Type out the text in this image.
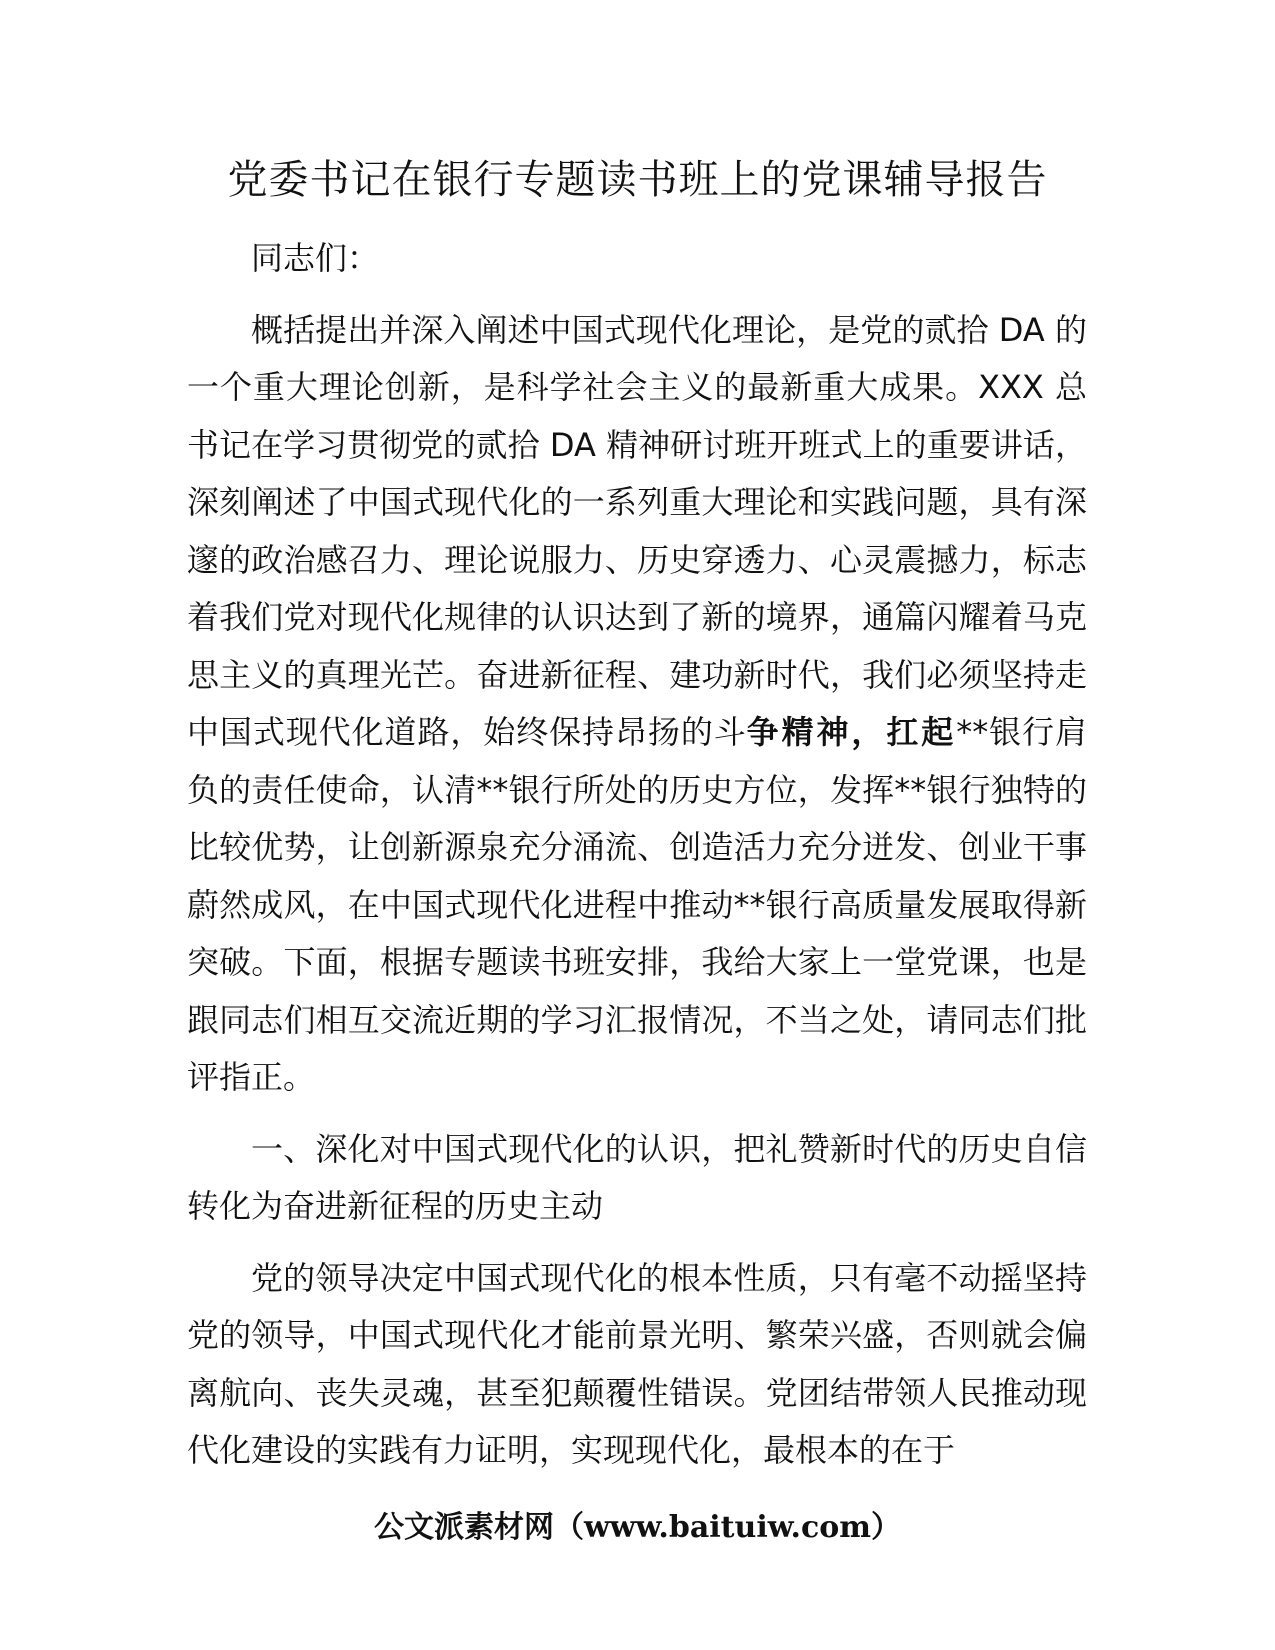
党委书记在银行专题读书班上的党课辅导报告

同志们：

概括提出并深入阐述中国式现代化理论，是党的贰拾 DA 的一个重大理论创新，是科学社会主义的最新重大成果。XXX 总书记在学习贯彻党的贰拾 DA 精神研讨班开班式上的重要讲话，深刻阐述了中国式现代化的一系列重大理论和实践问题，具有深邃的政治感召力、理论说服力、历史穿透力、心灵震撼力，标志着我们党对现代化规律的认识达到了新的境界，通篇闪耀着马克思主义的真理光芒。奋进新征程、建功新时代，我们必须坚持走中国式现代化道路，始终保持昂扬的斗争精神，扛起**银行肩负的责任使命，认清**银行所处的历史方位，发挥**银行独特的比较优势，让创新源泉充分涌流、创造活力充分迸发、创业干事蔚然成风，在中国式现代化进程中推动**银行高质量发展取得新突破。下面，根据专题读书班安排，我给大家上一堂党课，也是跟同志们相互交流近期的学习汇报情况，不当之处，请同志们批评指正。

一、深化对中国式现代化的认识，把礼赞新时代的历史自信转化为奋进新征程的历史主动

党的领导决定中国式现代化的根本性质，只有毫不动摇坚持党的领导，中国式现代化才能前景光明、繁荣兴盛，否则就会偏离航向、丧失灵魂，甚至犯颠覆性错误。党团结带领人民推动现代化建设的实践有力证明，实现现代化，最根本的在于

公文派素材网（www.baituiw.com）
